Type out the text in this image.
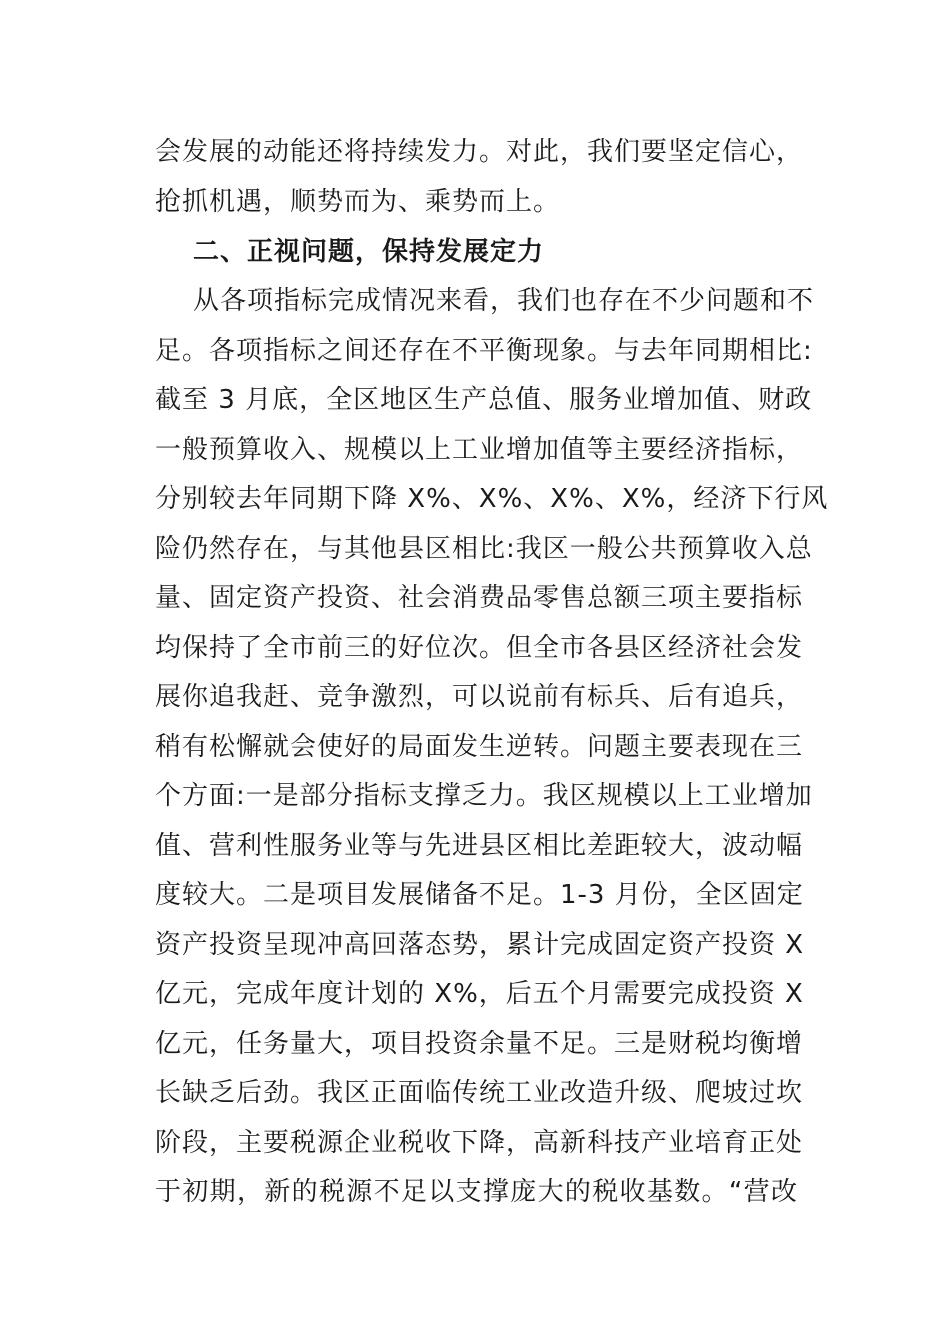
会发展的动能还将持续发力。对此，我们要坚定信心，
抢抓机遇，顺势而为、乘势而上。
二、正视问题，保持发展定力
从各项指标完成情况来看，我们也存在不少问题和不
足。各项指标之间还存在不平衡现象。与去年同期相比:
截至 3 月底，全区地区生产总值、服务业增加值、财政
一般预算收入、规模以上工业增加值等主要经济指标，
分别较去年同期下降 X%、X%、X%、X%，经济下行风
险仍然存在，与其他县区相比:我区一般公共预算收入总
量、固定资产投资、社会消费品零售总额三项主要指标
均保持了全市前三的好位次。但全市各县区经济社会发
展你追我赶、竞争激烈，可以说前有标兵、后有追兵，
稍有松懈就会使好的局面发生逆转。问题主要表现在三
个方面:一是部分指标支撑乏力。我区规模以上工业增加
值、营利性服务业等与先进县区相比差距较大，波动幅
度较大。二是项目发展储备不足。1-3 月份，全区固定
资产投资呈现冲高回落态势，累计完成固定资产投资 X
亿元，完成年度计划的 X%，后五个月需要完成投资 X
亿元，任务量大，项目投资余量不足。三是财税均衡增
长缺乏后劲。我区正面临传统工业改造升级、爬坡过坎
阶段，主要税源企业税收下降，高新科技产业培育正处
于初期，新的税源不足以支撑庞大的税收基数。“营改
